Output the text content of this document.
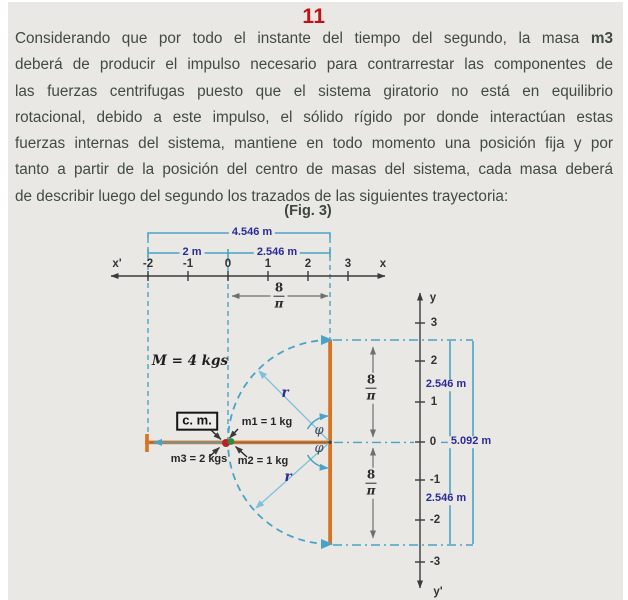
11
Considerando que por todo el instante del tiempo del segundo, la masa m3
deberá de producir el impulso necesario para contrarrestar las componentes de
las fuerzas centrifugas puesto que el sistema giratorio no está en equilibrio
rotacional, debido a este impulso, el sólido rígido por donde interactúan estas
fuerzas internas del sistema, mantiene en todo momento una posición fija y por
tanto a partir de la posición del centro de masas del sistema, cada masa deberá
de describir luego del segundo los trazados de las siguientes trayectoria:
(Fig. 3)
4.546 m
2 m	2.546 m
x' -2	-1	0	1	2	3 x
8
π
8
π
8
π
y
3
2
1
0
-1
-2
-3
y'
2.546 m
5.092 m
2.546 m
M = 4 kgs
c. m.	m1 = 1 kg
m3 = 2 kgs m2 = 1 kg
r
r
φ
φ
